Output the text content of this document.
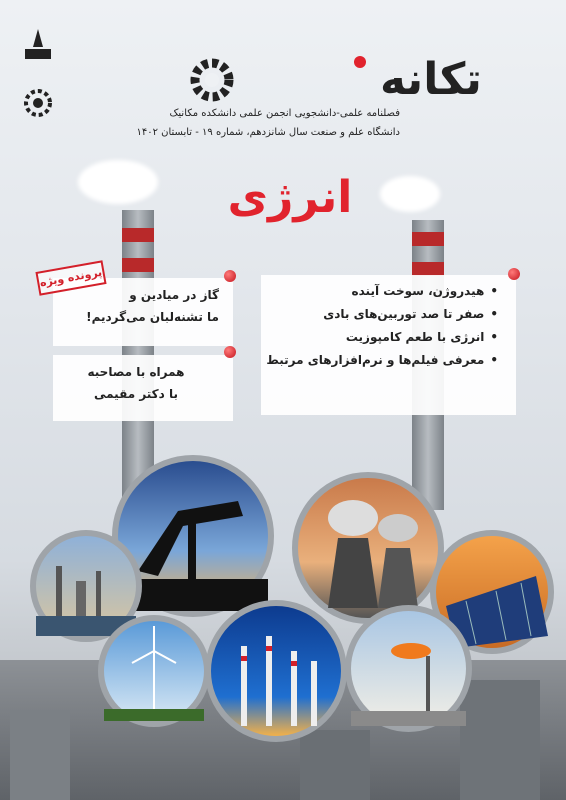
تکانه
فصلنامه علمی-دانشجویی انجمن علمی دانشکده مکانیک
دانشگاه علم و صنعت سال شانزدهم، شماره ۱۹ - تابستان ۱۴۰۲
انرژی
• هیدروژن، سوخت آینده
• صفر تا صد توربین‌های بادی
• انرژی با طعم کامپوزیت
• معرفی فیلم‌ها و نرم‌افزارهای مرتبط
گاز در میادین و
ما تشنه‌لبان می‌گردیم!
پرونده ویژه
همراه با مصاحبه
با دکتر مقیمی
